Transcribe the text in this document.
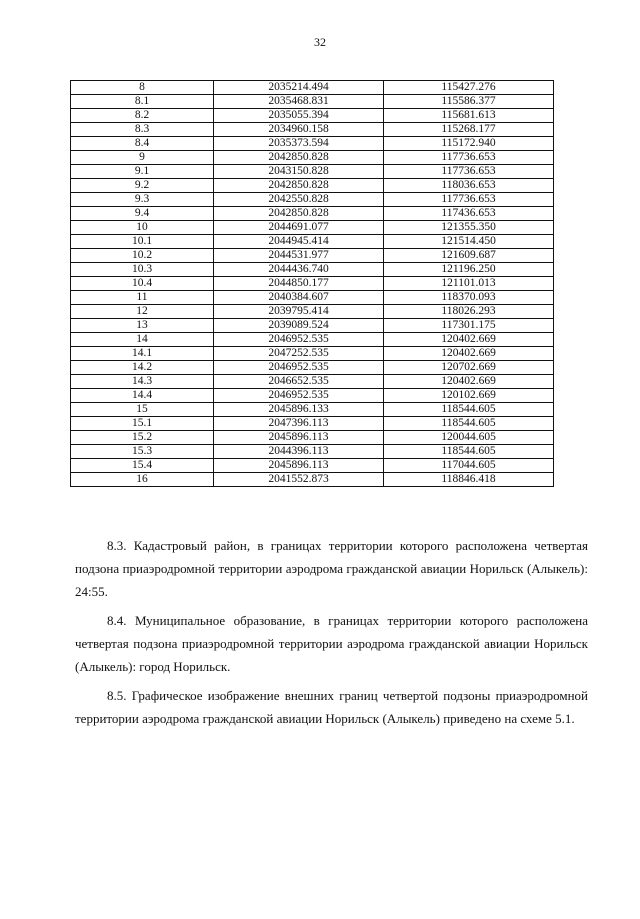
32
8	2035214.494	115427.276
8.1	2035468.831	115586.377
8.2	2035055.394	115681.613
8.3	2034960.158	115268.177
8.4	2035373.594	115172.940
9	2042850.828	117736.653
9.1	2043150.828	117736.653
9.2	2042850.828	118036.653
9.3	2042550.828	117736.653
9.4	2042850.828	117436.653
10	2044691.077	121355.350
10.1	2044945.414	121514.450
10.2	2044531.977	121609.687
10.3	2044436.740	121196.250
10.4	2044850.177	121101.013
11	2040384.607	118370.093
12	2039795.414	118026.293
13	2039089.524	117301.175
14	2046952.535	120402.669
14.1	2047252.535	120402.669
14.2	2046952.535	120702.669
14.3	2046652.535	120402.669
14.4	2046952.535	120102.669
15	2045896.133	118544.605
15.1	2047396.113	118544.605
15.2	2045896.113	120044.605
15.3	2044396.113	118544.605
15.4	2045896.113	117044.605
16	2041552.873	118846.418

8.3. Кадастровый район, в границах территории которого расположена четвертая подзона приаэродромной территории аэродрома гражданской авиации Норильск (Алыкель): 24:55.

8.4. Муниципальное образование, в границах территории которого расположена четвертая подзона приаэродромной территории аэродрома гражданской авиации Норильск (Алыкель): город Норильск.

8.5. Графическое изображение внешних границ четвертой подзоны приаэродромной территории аэродрома гражданской авиации Норильск (Алыкель) приведено на схеме 5.1.
